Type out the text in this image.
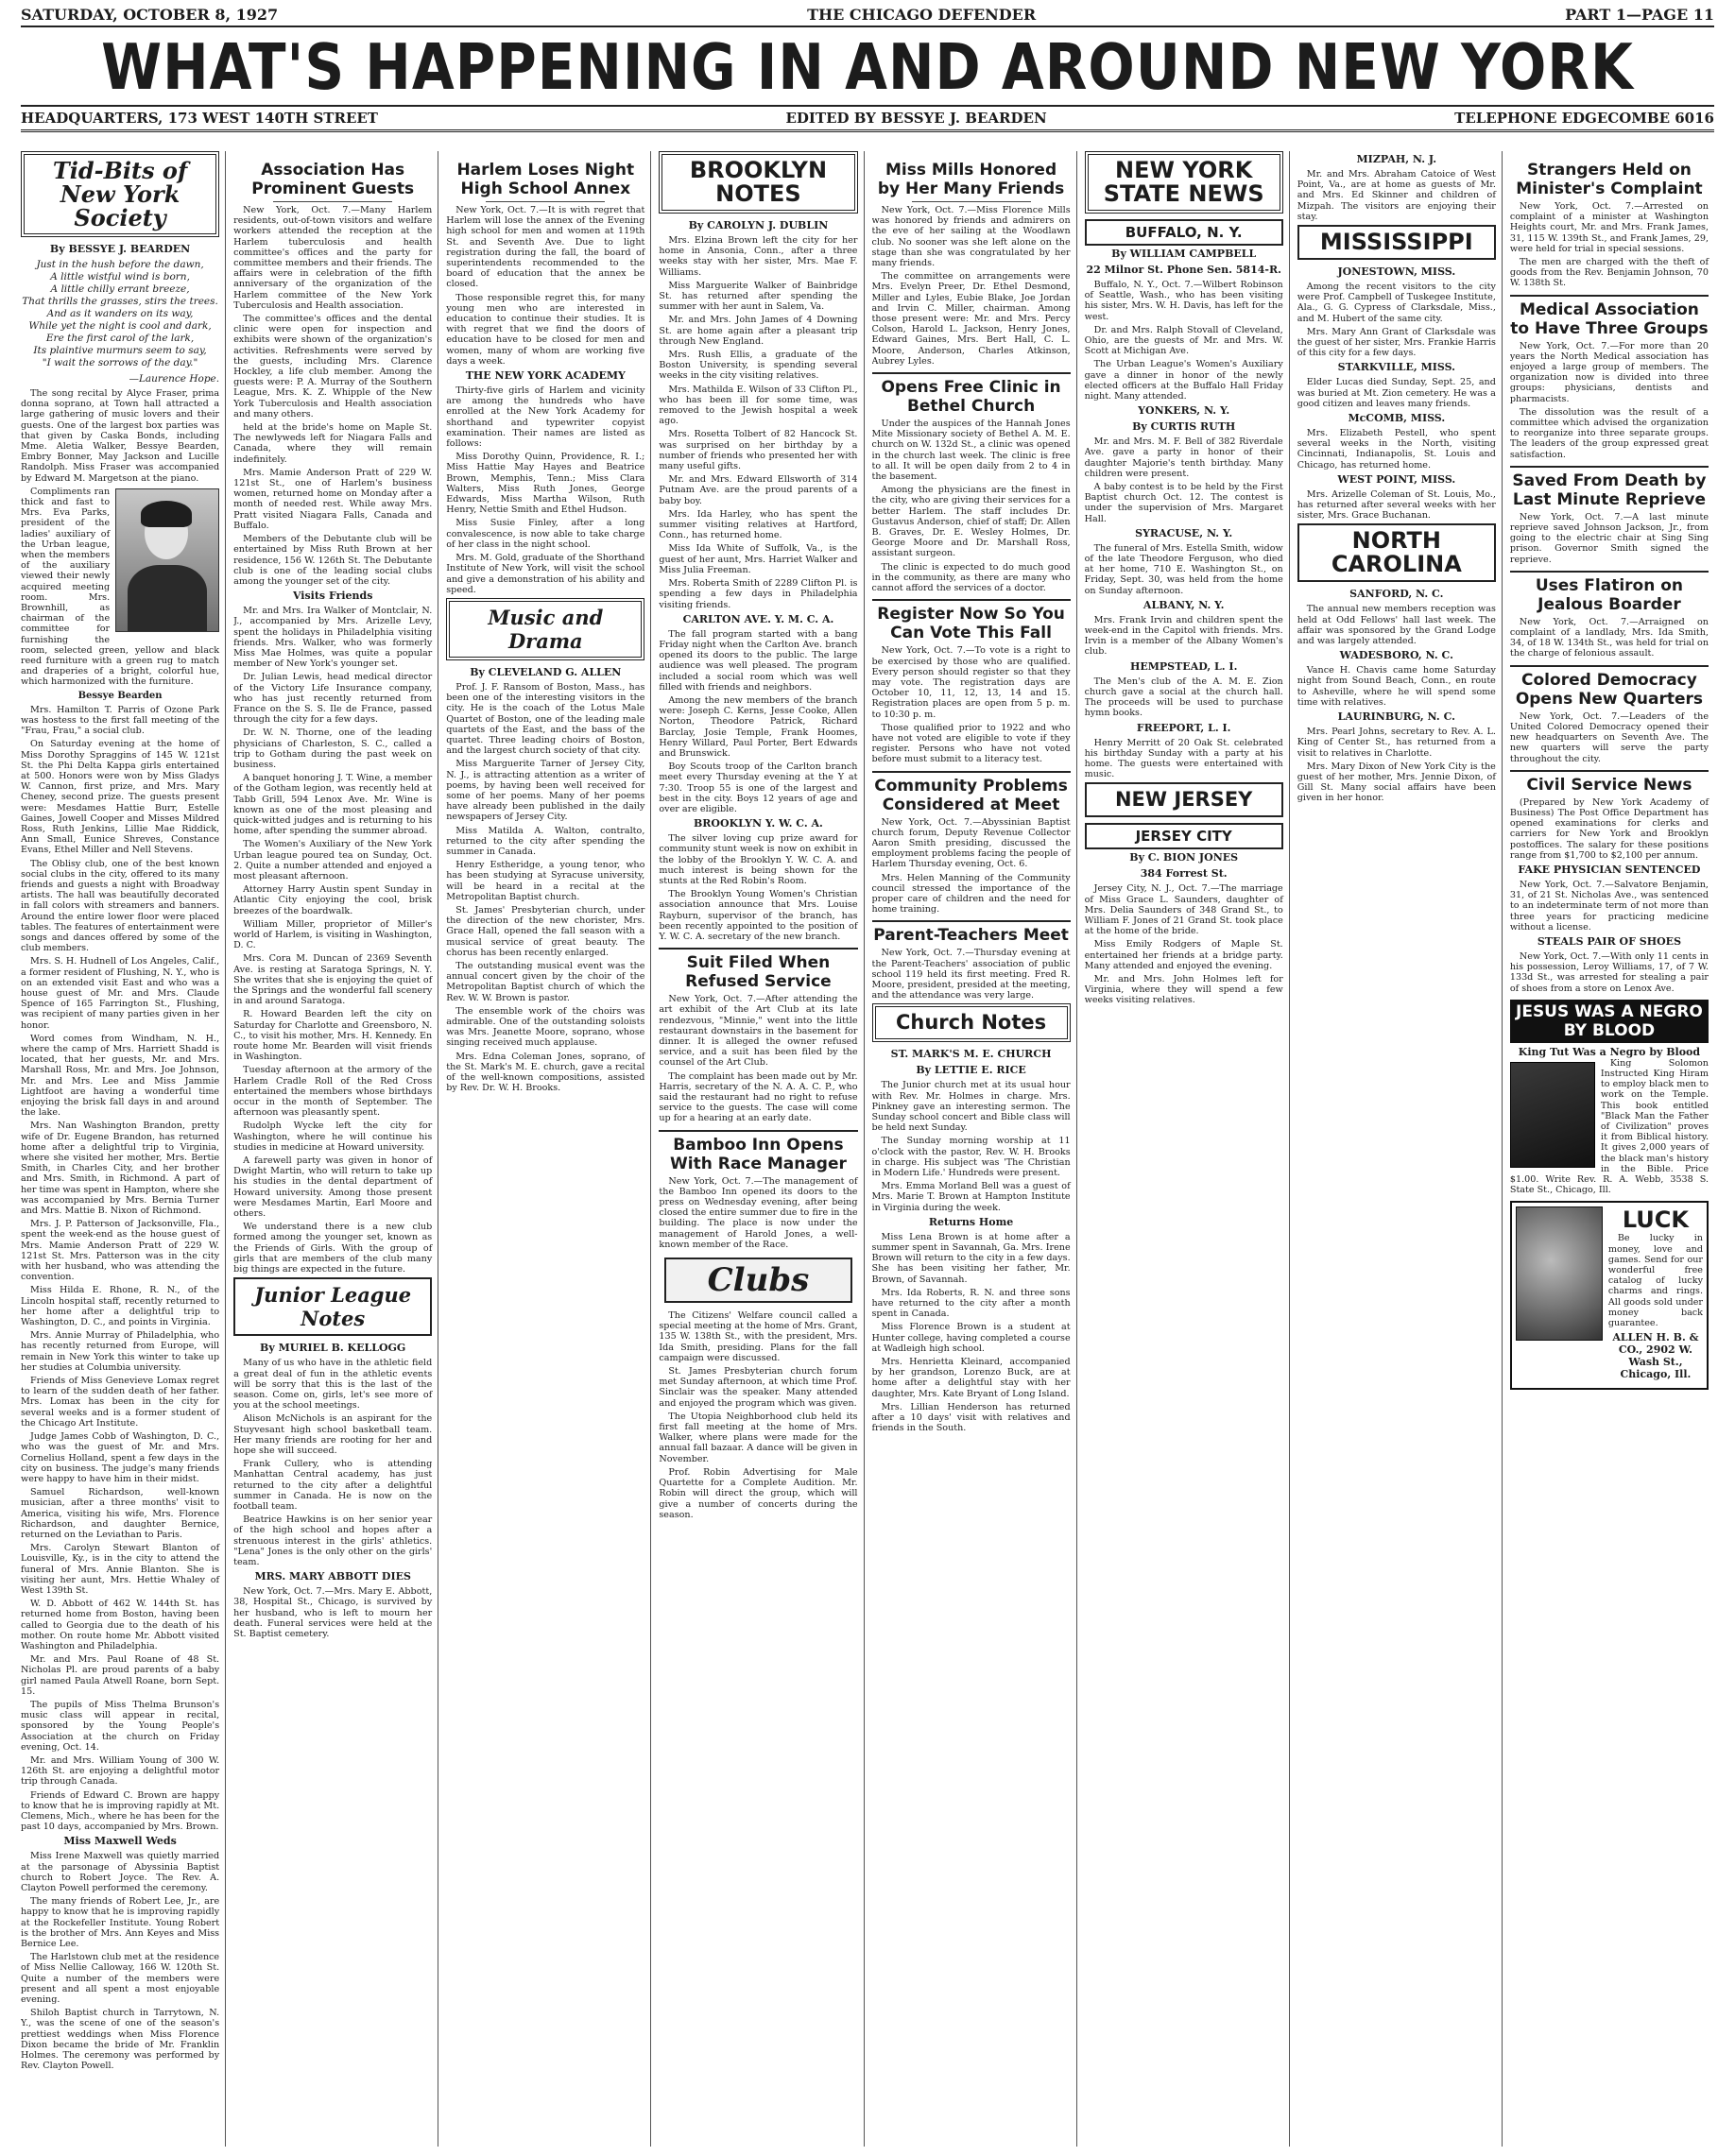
SATURDAY, OCTOBER 8, 1927	THE CHICAGO DEFENDER	PART 1—PAGE 11
WHAT'S HAPPENING IN AND AROUND NEW YORK
HEADQUARTERS, 173 WEST 140TH STREET	EDITED BY BESSYE J. BEARDEN	TELEPHONE EDGECOMBE 6016
Tid-Bits of New York Society
By BESSYE J. BEARDEN
Just in the hush before the dawn,
A little wistful wind is born,
A little chilly errant breeze,
That thrills the grasses, stirs the trees.
And as it wanders on its way,
While yet the night is cool and dark,
Ere the first carol of the lark,
Its plaintive murmurs seem to say,
"I wait the sorrows of the day."
—Laurence Hope.

The song recital by Alyce Fraser, prima donna soprano, at Town hall attracted a large gathering of music lovers and their guests. One of the largest box parties was that given by Caska Bonds, including Mme. Aletia Walker, Bessye Bearden, Embry Bonner, May Jackson and Lucille Randolph. Miss Fraser was accompanied by Edward M. Margetson at the piano.

Compliments ran thick and fast to Mrs. Eva Parks, president of the ladies' auxiliary of the Urban league, when the members of the auxiliary viewed their newly acquired meeting room. Mrs. Brownhill, as chairman of the committee for furnishing the room, selected green, yellow and black reed furniture with a green rug to match and draperies of a bright, colorful hue, which harmonized with the furniture.

Bessye Bearden

Mrs. Hamilton T. Parris of Ozone Park was hostess to the first fall meeting of the "Frau, Frau," a social club.

On Saturday evening at the home of Miss Dorothy Spraggins of 145 W. 121st St. the Phi Delta Kappa girls entertained at 500. Honors were won by Miss Gladys W. Cannon, first prize, and Mrs. Mary Cheney, second prize. The guests present were: Mesdames Hattie Burr, Estelle Gaines, Jowell Cooper and Misses Mildred Ross, Ruth Jenkins, Lillie Mae Riddick, Ann Small, Eunice Shreves, Constance Evans, Ethel Miller and Nell Stevens.

The Oblisy club, one of the best known social clubs in the city, offered to its many friends and guests a night with Broadway artists. The hall was beautifully decorated in fall colors with streamers and banners. Around the entire lower floor were placed tables. The features of entertainment were songs and dances offered by some of the club members.

Mrs. S. H. Hudnell of Los Angeles, Calif., a former resident of Flushing, N. Y., who is on an extended visit East and who was a house guest of Mr. and Mrs. Claude Spence of 165 Farrington St., Flushing, was recipient of many parties given in her honor.

Word comes from Windham, N. H., where the camp of Mrs. Harriett Shadd is located, that her guests, Mr. and Mrs. Marshall Ross, Mr. and Mrs. Joe Johnson, Mr. and Mrs. Lee and Miss Jammie Lightfoot are having a wonderful time enjoying the brisk fall days in and around the lake.

Mrs. Nan Washington Brandon, pretty wife of Dr. Eugene Brandon, has returned home after a delightful trip to Virginia, where she visited her mother, Mrs. Bertie Smith, in Charles City, and her brother and Mrs. Smith, in Richmond. A part of her time was spent in Hampton, where she was accompanied by Mrs. Bernia Turner and Mrs. Mattie B. Nixon of Richmond.

Mrs. J. P. Patterson of Jacksonville, Fla., spent the week-end as the house guest of Mrs. Mamie Anderson Pratt of 229 W. 121st St. Mrs. Patterson was in the city with her husband, who was attending the convention.

Miss Hilda E. Rhone, R. N., of the Lincoln hospital staff, recently returned to her home after a delightful trip to Washington, D. C., and points in Virginia.

Mrs. Annie Murray of Philadelphia, who has recently returned from Europe, will remain in New York this winter to take up her studies at Columbia university.

Friends of Miss Genevieve Lomax regret to learn of the sudden death of her father. Mrs. Lomax has been in the city for several weeks and is a former student of the Chicago Art Institute.

Judge James Cobb of Washington, D. C., who was the guest of Mr. and Mrs. Cornelius Holland, spent a few days in the city on business. The judge's many friends were happy to have him in their midst.

Samuel Richardson, well-known musician, after a three months' visit to America, visiting his wife, Mrs. Florence Richardson, and daughter Bernice, returned on the Leviathan to Paris.

Mrs. Carolyn Stewart Blanton of Louisville, Ky., is in the city to attend the funeral of Mrs. Annie Blanton. She is visiting her aunt, Mrs. Hettie Whaley of West 139th St.

W. D. Abbott of 462 W. 144th St. has returned home from Boston, having been called to Georgia due to the death of his mother. On route home Mr. Abbott visited Washington and Philadelphia.

Mr. and Mrs. Paul Roane of 48 St. Nicholas Pl. are proud parents of a baby girl named Paula Atwell Roane, born Sept. 15.

The pupils of Miss Thelma Brunson's music class will appear in recital, sponsored by the Young People's Association at the church on Friday evening, Oct. 14.

Mr. and Mrs. William Young of 300 W. 126th St. are enjoying a delightful motor trip through Canada.

Friends of Edward C. Brown are happy to know that he is improving rapidly at Mt. Clemens, Mich., where he has been for the past 10 days, accompanied by Mrs. Brown.

Miss Maxwell Weds

Miss Irene Maxwell was quietly married at the parsonage of Abyssinia Baptist church to Robert Joyce. The Rev. A. Clayton Powell performed the ceremony.

The many friends of Robert Lee, Jr., are happy to know that he is improving rapidly at the Rockefeller Institute. Young Robert is the brother of Mrs. Ann Keyes and Miss Bernice Lee.

The Harlstown club met at the residence of Miss Nellie Calloway, 166 W. 120th St. Quite a number of the members were present and all spent a most enjoyable evening.

Shiloh Baptist church in Tarrytown, N. Y., was the scene of one of the season's prettiest weddings when Miss Florence Dixon became the bride of Mr. Franklin Holmes. The ceremony was performed by Rev. Clayton Powell.

Association Has Prominent Guests

New York, Oct. 7.—Many Harlem residents, out-of-town visitors and welfare workers attended the reception at the Harlem tuberculosis and health committee's offices and the party for committee members and their friends. The affairs were in celebration of the fifth anniversary of the organization of the Harlem committee of the New York Tuberculosis and Health association.

The committee's offices and the dental clinic were open for inspection and exhibits were shown of the organization's activities. Refreshments were served by the guests, including Mrs. Clarence Hockley, a life club member. Among the guests were: P. A. Murray of the Southern League, Mrs. K. Z. Whipple of the New York Tuberculosis and Health association and many others.

held at the bride's home on Maple St. The newlyweds left for Niagara Falls and Canada, where they will remain indefinitely.

Mrs. Mamie Anderson Pratt of 229 W. 121st St., one of Harlem's business women, returned home on Monday after a month of needed rest. While away Mrs. Pratt visited Niagara Falls, Canada and Buffalo.

Members of the Debutante club will be entertained by Miss Ruth Brown at her residence, 156 W. 126th St. The Debutante club is one of the leading social clubs among the younger set of the city.

Visits Friends

Mr. and Mrs. Ira Walker of Montclair, N. J., accompanied by Mrs. Arizelle Levy, spent the holidays in Philadelphia visiting friends. Mrs. Walker, who was formerly Miss Mae Holmes, was quite a popular member of New York's younger set.

Dr. Julian Lewis, head medical director of the Victory Life Insurance company, who has just recently returned from France on the S. S. Ile de France, passed through the city for a few days.

Dr. W. N. Thorne, one of the leading physicians of Charleston, S. C., called a trip to Gotham during the past week on business.

A banquet honoring J. T. Wine, a member of the Gotham legion, was recently held at Tabb Grill, 594 Lenox Ave. Mr. Wine is known as one of the most pleasing and quick-witted judges and is returning to his home, after spending the summer abroad.

The Women's Auxiliary of the New York Urban league poured tea on Sunday, Oct. 2. Quite a number attended and enjoyed a most pleasant afternoon.

Attorney Harry Austin spent Sunday in Atlantic City enjoying the cool, brisk breezes of the boardwalk.

William Miller, proprietor of Miller's world of Harlem, is visiting in Washington, D. C.

Mrs. Cora M. Duncan of 2369 Seventh Ave. is resting at Saratoga Springs, N. Y. She writes that she is enjoying the quiet of the Springs and the wonderful fall scenery in and around Saratoga.

R. Howard Bearden left the city on Saturday for Charlotte and Greensboro, N. C., to visit his mother, Mrs. H. Kennedy. En route home Mr. Bearden will visit friends in Washington.

Tuesday afternoon at the armory of the Harlem Cradle Roll of the Red Cross entertained the members whose birthdays occur in the month of September. The afternoon was pleasantly spent.

Rudolph Wycke left the city for Washington, where he will continue his studies in medicine at Howard university.

A farewell party was given in honor of Dwight Martin, who will return to take up his studies in the dental department of Howard university. Among those present were Mesdames Martin, Earl Moore and others.

We understand there is a new club formed among the younger set, known as the Friends of Girls. With the group of girls that are members of the club many big things are expected in the future.

Junior League Notes
By MURIEL B. KELLOGG

Many of us who have in the athletic field a great deal of fun in the athletic events will be sorry that this is the last of the season. Come on, girls, let's see more of you at the school meetings.

Alison McNichols is an aspirant for the Stuyvesant high school basketball team. Her many friends are rooting for her and hope she will succeed.

Frank Cullery, who is attending Manhattan Central academy, has just returned to the city after a delightful summer in Canada. He is now on the football team.

Beatrice Hawkins is on her senior year of the high school and hopes after a strenuous interest in the girls' athletics. "Lena" Jones is the only other on the girls' team.

MRS. MARY ABBOTT DIES

New York, Oct. 7.—Mrs. Mary E. Abbott, 38, Hospital St., Chicago, is survived by her husband, who is left to mourn her death. Funeral services were held at the St. Baptist cemetery.

Harlem Loses Night High School Annex

New York, Oct. 7.—It is with regret that Harlem will lose the annex of the Evening high school for men and women at 119th St. and Seventh Ave. Due to light registration during the fall, the board of superintendents recommended to the board of education that the annex be closed.

Those responsible regret this, for many young men who are interested in education to continue their studies. It is with regret that we find the doors of education have to be closed for men and women, many of whom are working five days a week.

THE NEW YORK ACADEMY

Thirty-five girls of Harlem and vicinity are among the hundreds who have enrolled at the New York Academy for shorthand and typewriter copyist examination. Their names are listed as follows:

Miss Dorothy Quinn, Providence, R. I.; Miss Hattie May Hayes and Beatrice Brown, Memphis, Tenn.; Miss Clara Walters, Miss Ruth Jones, George Edwards, Miss Martha Wilson, Ruth Henry, Nettie Smith and Ethel Hudson.

Miss Susie Finley, after a long convalescence, is now able to take charge of her class in the night school.

Mrs. M. Gold, graduate of the Shorthand Institute of New York, will visit the school and give a demonstration of his ability and speed.

Music and Drama
By CLEVELAND G. ALLEN

Prof. J. F. Ransom of Boston, Mass., has been one of the interesting visitors in the city. He is the coach of the Lotus Male Quartet of Boston, one of the leading male quartets of the East, and the bass of the quartet. Three leading choirs of Boston, and the largest church society of that city.

Miss Marguerite Tarner of Jersey City, N. J., is attracting attention as a writer of poems, by having been well received for some of her poems. Many of her poems have already been published in the daily newspapers of Jersey City.

Miss Matilda A. Walton, contralto, returned to the city after spending the summer in Canada.

Henry Estheridge, a young tenor, who has been studying at Syracuse university, will be heard in a recital at the Metropolitan Baptist church.

St. James' Presbyterian church, under the direction of the new chorister, Mrs. Grace Hall, opened the fall season with a musical service of great beauty. The chorus has been recently enlarged.

The outstanding musical event was the annual concert given by the choir of the Metropolitan Baptist church of which the Rev. W. W. Brown is pastor.

The ensemble work of the choirs was admirable. One of the outstanding soloists was Mrs. Jeanette Moore, soprano, whose singing received much applause.

Mrs. Edna Coleman Jones, soprano, of the St. Mark's M. E. church, gave a recital of the well-known compositions, assisted by Rev. Dr. W. H. Brooks.

BROOKLYN NOTES
By CAROLYN J. DUBLIN

Mrs. Elzina Brown left the city for her home in Ansonia, Conn., after a three weeks stay with her sister, Mrs. Mae F. Williams.

Miss Marguerite Walker of Bainbridge St. has returned after spending the summer with her aunt in Salem, Va.

Mr. and Mrs. John James of 4 Downing St. are home again after a pleasant trip through New England.

Mrs. Rush Ellis, a graduate of the Boston University, is spending several weeks in the city visiting relatives.

Mrs. Mathilda E. Wilson of 33 Clifton Pl., who has been ill for some time, was removed to the Jewish hospital a week ago.

Mrs. Rosetta Tolbert of 82 Hancock St. was surprised on her birthday by a number of friends who presented her with many useful gifts.

Mr. and Mrs. Edward Ellsworth of 314 Putnam Ave. are the proud parents of a baby boy.

Mrs. Ida Harley, who has spent the summer visiting relatives at Hartford, Conn., has returned home.

Miss Ida White of Suffolk, Va., is the guest of her aunt, Mrs. Harriet Walker and Miss Julia Freeman.

Mrs. Roberta Smith of 2289 Clifton Pl. is spending a few days in Philadelphia visiting friends.

CARLTON AVE. Y. M. C. A.

The fall program started with a bang Friday night when the Carlton Ave. branch opened its doors to the public. The large audience was well pleased. The program included a social room which was well filled with friends and neighbors.

Among the new members of the branch were: Joseph C. Kerns, Jesse Cooke, Allen Norton, Theodore Patrick, Richard Barclay, Josie Temple, Frank Hoomes, Henry Willard, Paul Porter, Bert Edwards and Brunswick.

Boy Scouts troop of the Carlton branch meet every Thursday evening at the Y at 7:30. Troop 55 is one of the largest and best in the city. Boys 12 years of age and over are eligible.

BROOKLYN Y. W. C. A.

The silver loving cup prize award for community stunt week is now on exhibit in the lobby of the Brooklyn Y. W. C. A. and much interest is being shown for the stunts at the Red Robin's Room.

The Brooklyn Young Women's Christian association announce that Mrs. Louise Rayburn, supervisor of the branch, has been recently appointed to the position of Y. W. C. A. secretary of the new branch.

Suit Filed When Refused Service

New York, Oct. 7.—After attending the art exhibit of the Art Club at its late rendezvous, "Minnie," went into the little restaurant downstairs in the basement for dinner. It is alleged the owner refused service, and a suit has been filed by the counsel of the Art Club.

The complaint has been made out by Mr. Harris, secretary of the N. A. A. C. P., who said the restaurant had no right to refuse service to the guests. The case will come up for a hearing at an early date.

Bamboo Inn Opens With Race Manager

New York, Oct. 7.—The management of the Bamboo Inn opened its doors to the press on Wednesday evening, after being closed the entire summer due to fire in the building. The place is now under the management of Harold Jones, a well-known member of the Race.

Clubs

The Citizens' Welfare council called a special meeting at the home of Mrs. Grant, 135 W. 138th St., with the president, Mrs. Ida Smith, presiding. Plans for the fall campaign were discussed.

St. James Presbyterian church forum met Sunday afternoon, at which time Prof. Sinclair was the speaker. Many attended and enjoyed the program which was given.

The Utopia Neighborhood club held its first fall meeting at the home of Mrs. Walker, where plans were made for the annual fall bazaar. A dance will be given in November.

Prof. Robin Advertising for Male Quartette for a Complete Audition. Mr. Robin will direct the group, which will give a number of concerts during the season.

Miss Mills Honored by Her Many Friends

New York, Oct. 7.—Miss Florence Mills was honored by friends and admirers on the eve of her sailing at the Woodlawn club. No sooner was she left alone on the stage than she was congratulated by her many friends.

The committee on arrangements were Mrs. Evelyn Preer, Dr. Ethel Desmond, Miller and Lyles, Eubie Blake, Joe Jordan and Irvin C. Miller, chairman. Among those present were: Mr. and Mrs. Percy Colson, Harold L. Jackson, Henry Jones, Edward Gaines, Mrs. Bert Hall, C. L. Moore, Anderson, Charles Atkinson, Aubrey Lyles.

Opens Free Clinic in Bethel Church

Under the auspices of the Hannah Jones Mite Missionary society of Bethel A. M. E. church on W. 132d St., a clinic was opened in the church last week. The clinic is free to all. It will be open daily from 2 to 4 in the basement.

Among the physicians are the finest in the city, who are giving their services for a better Harlem. The staff includes Dr. Gustavus Anderson, chief of staff; Dr. Allen B. Graves, Dr. E. Wesley Holmes, Dr. George Moore and Dr. Marshall Ross, assistant surgeon.

The clinic is expected to do much good in the community, as there are many who cannot afford the services of a doctor.

Register Now So You Can Vote This Fall

New York, Oct. 7.—To vote is a right to be exercised by those who are qualified. Every person should register so that they may vote. The registration days are October 10, 11, 12, 13, 14 and 15. Registration places are open from 5 p. m. to 10:30 p. m.

Those qualified prior to 1922 and who have not voted are eligible to vote if they register. Persons who have not voted before must submit to a literacy test.

Community Problems Considered at Meet

New York, Oct. 7.—Abyssinian Baptist church forum, Deputy Revenue Collector Aaron Smith presiding, discussed the employment problems facing the people of Harlem Thursday evening, Oct. 6.

Mrs. Helen Manning of the Community council stressed the importance of the proper care of children and the need for home training.

Parent-Teachers Meet

New York, Oct. 7.—Thursday evening at the Parent-Teachers' association of public school 119 held its first meeting. Fred R. Moore, president, presided at the meeting, and the attendance was very large.

Church Notes
ST. MARK'S M. E. CHURCH
By LETTIE E. RICE

The Junior church met at its usual hour with Rev. Mr. Holmes in charge. Mrs. Pinkney gave an interesting sermon. The Sunday school concert and Bible class will be held next Sunday.

The Sunday morning worship at 11 o'clock with the pastor, Rev. W. H. Brooks in charge. His subject was 'The Christian in Modern Life.' Hundreds were present.

Mrs. Emma Morland Bell was a guest of Mrs. Marie T. Brown at Hampton Institute in Virginia during the week.

Returns Home

Miss Lena Brown is at home after a summer spent in Savannah, Ga. Mrs. Irene Brown will return to the city in a few days. She has been visiting her father, Mr. Brown, of Savannah.

Mrs. Ida Roberts, R. N. and three sons have returned to the city after a month spent in Canada.

Miss Florence Brown is a student at Hunter college, having completed a course at Wadleigh high school.

Mrs. Henrietta Kleinard, accompanied by her grandson, Lorenzo Buck, are at home after a delightful stay with her daughter, Mrs. Kate Bryant of Long Island.

Mrs. Lillian Henderson has returned after a 10 days' visit with relatives and friends in the South.

NEW YORK STATE NEWS
BUFFALO, N. Y.
By WILLIAM CAMPBELL
22 Milnor St. Phone Sen. 5814-R.

Buffalo, N. Y., Oct. 7.—Wilbert Robinson of Seattle, Wash., who has been visiting his sister, Mrs. W. H. Davis, has left for the west.

Dr. and Mrs. Ralph Stovall of Cleveland, Ohio, are the guests of Mr. and Mrs. W. Scott at Michigan Ave.

The Urban League's Women's Auxiliary gave a dinner in honor of the newly elected officers at the Buffalo Hall Friday night. Many attended.

YONKERS, N. Y.
By CURTIS RUTH

Mr. and Mrs. M. F. Bell of 382 Riverdale Ave. gave a party in honor of their daughter Majorie's tenth birthday. Many children were present.

A baby contest is to be held by the First Baptist church Oct. 12. The contest is under the supervision of Mrs. Margaret Hall.

SYRACUSE, N. Y.

The funeral of Mrs. Estella Smith, widow of the late Theodore Ferguson, who died at her home, 710 E. Washington St., on Friday, Sept. 30, was held from the home on Sunday afternoon.

ALBANY, N. Y.

Mrs. Frank Irvin and children spent the week-end in the Capitol with friends. Mrs. Irvin is a member of the Albany Women's club.

HEMPSTEAD, L. I.

The Men's club of the A. M. E. Zion church gave a social at the church hall. The proceeds will be used to purchase hymn books.

FREEPORT, L. I.

Henry Merritt of 20 Oak St. celebrated his birthday Sunday with a party at his home. The guests were entertained with music.

NEW JERSEY
JERSEY CITY
By C. BION JONES
384 Forrest St.

Jersey City, N. J., Oct. 7.—The marriage of Miss Grace L. Saunders, daughter of Mrs. Delia Saunders of 348 Grand St., to William F. Jones of 21 Grand St. took place at the home of the bride.

Miss Emily Rodgers of Maple St. entertained her friends at a bridge party. Many attended and enjoyed the evening.

Mr. and Mrs. John Holmes left for Virginia, where they will spend a few weeks visiting relatives.

MIZPAH, N. J.

Mr. and Mrs. Abraham Catoice of West Point, Va., are at home as guests of Mr. and Mrs. Ed Skinner and children of Mizpah. The visitors are enjoying their stay.

MISSISSIPPI
JONESTOWN, MISS.

Among the recent visitors to the city were Prof. Campbell of Tuskegee Institute, Ala., G. G. Cypress of Clarksdale, Miss., and M. Hubert of the same city.

Mrs. Mary Ann Grant of Clarksdale was the guest of her sister, Mrs. Frankie Harris of this city for a few days.

STARKVILLE, MISS.

Elder Lucas died Sunday, Sept. 25, and was buried at Mt. Zion cemetery. He was a good citizen and leaves many friends.

McCOMB, MISS.

Mrs. Elizabeth Pestell, who spent several weeks in the North, visiting Cincinnati, Indianapolis, St. Louis and Chicago, has returned home.

WEST POINT, MISS.

Mrs. Arizelle Coleman of St. Louis, Mo., has returned after several weeks with her sister, Mrs. Grace Buchanan.

NORTH CAROLINA
SANFORD, N. C.

The annual new members reception was held at Odd Fellows' hall last week. The affair was sponsored by the Grand Lodge and was largely attended.

WADESBORO, N. C.

Vance H. Chavis came home Saturday night from Sound Beach, Conn., en route to Asheville, where he will spend some time with relatives.

LAURINBURG, N. C.

Mrs. Pearl Johns, secretary to Rev. A. L. King of Center St., has returned from a visit to relatives in Charlotte.

Mrs. Mary Dixon of New York City is the guest of her mother, Mrs. Jennie Dixon, of Gill St. Many social affairs have been given in her honor.

Strangers Held on Minister's Complaint

New York, Oct. 7.—Arrested on complaint of a minister at Washington Heights court, Mr. and Mrs. Frank James, 31, 115 W. 139th St., and Frank James, 29, were held for trial in special sessions.

The men are charged with the theft of goods from the Rev. Benjamin Johnson, 70 W. 138th St.

Medical Association to Have Three Groups

New York, Oct. 7.—For more than 20 years the North Medical association has enjoyed a large group of members. The organization now is divided into three groups: physicians, dentists and pharmacists.

The dissolution was the result of a committee which advised the organization to reorganize into three separate groups. The leaders of the group expressed great satisfaction.

Saved From Death by Last Minute Reprieve

New York, Oct. 7.—A last minute reprieve saved Johnson Jackson, Jr., from going to the electric chair at Sing Sing prison. Governor Smith signed the reprieve.

Uses Flatiron on Jealous Boarder

New York, Oct. 7.—Arraigned on complaint of a landlady, Mrs. Ida Smith, 34, of 18 W. 134th St., was held for trial on the charge of felonious assault.

Colored Democracy Opens New Quarters

New York, Oct. 7.—Leaders of the United Colored Democracy opened their new headquarters on Seventh Ave. The new quarters will serve the party throughout the city.

Civil Service News

(Prepared by New York Academy of Business) The Post Office Department has opened examinations for clerks and carriers for New York and Brooklyn postoffices. The salary for these positions range from $1,700 to $2,100 per annum.

FAKE PHYSICIAN SENTENCED

New York, Oct. 7.—Salvatore Benjamin, 31, of 21 St. Nicholas Ave., was sentenced to an indeterminate term of not more than three years for practicing medicine without a license.

STEALS PAIR OF SHOES

New York, Oct. 7.—With only 11 cents in his possession, Leroy Williams, 17, of 7 W. 133d St., was arrested for stealing a pair of shoes from a store on Lenox Ave.

JESUS WAS A NEGRO BY BLOOD
King Tut Was a Negro by Blood

King Solomon Instructed King Hiram to employ black men to work on the Temple. This book entitled "Black Man the Father of Civilization" proves it from Biblical history. It gives 2,000 years of the black man's history in the Bible. Price $1.00. Write Rev. R. A. Webb, 3538 S. State St., Chicago, Ill.

LUCK

Be lucky in money, love and games. Send for our wonderful free catalog of lucky charms and rings. All goods sold under money back guarantee.

ALLEN H. B. & CO., 2902 W. Wash St., Chicago, Ill.
